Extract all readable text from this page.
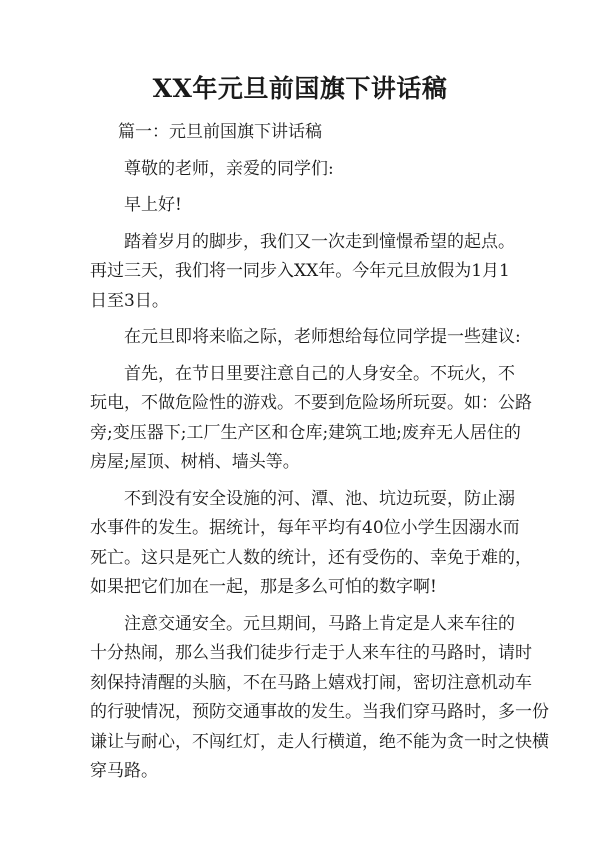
XX年元旦前国旗下讲话稿
篇一：元旦前国旗下讲话稿
尊敬的老师，亲爱的同学们:
早上好!
踏着岁月的脚步，我们又一次走到憧憬希望的起点。
再过三天，我们将一同步入XX年。今年元旦放假为1月1
日至3日。
在元旦即将来临之际，老师想给每位同学提一些建议:
首先，在节日里要注意自己的人身安全。不玩火，不
玩电，不做危险性的游戏。不要到危险场所玩耍。如：公路
旁;变压器下;工厂生产区和仓库;建筑工地;废弃无人居住的
房屋;屋顶、树梢、墙头等。
不到没有安全设施的河、潭、池、坑边玩耍，防止溺
水事件的发生。据统计，每年平均有40位小学生因溺水而
死亡。这只是死亡人数的统计，还有受伤的、幸免于难的，
如果把它们加在一起，那是多么可怕的数字啊!
注意交通安全。元旦期间，马路上肯定是人来车往的
十分热闹，那么当我们徒步行走于人来车往的马路时，请时
刻保持清醒的头脑，不在马路上嬉戏打闹，密切注意机动车
的行驶情况，预防交通事故的发生。当我们穿马路时，多一份
谦让与耐心，不闯红灯，走人行横道，绝不能为贪一时之快横
穿马路。
